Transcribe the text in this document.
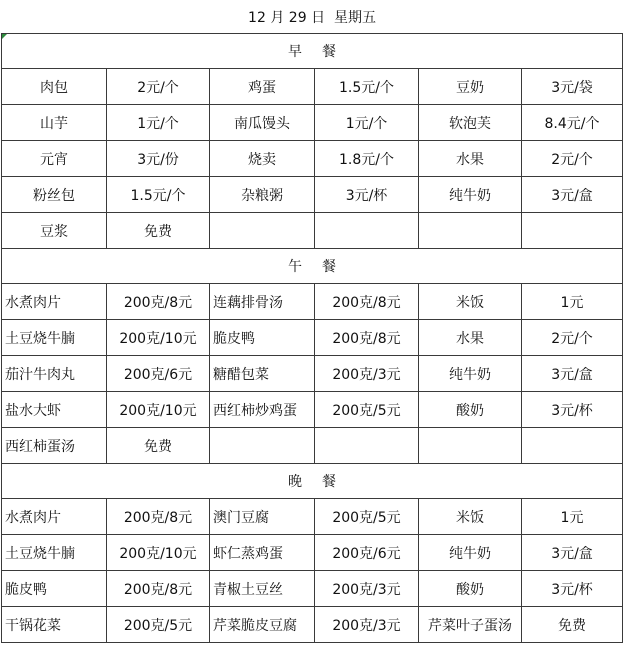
12 月 29 日 星期五					
早 餐					
肉包	2元/个	鸡蛋	1.5元/个	豆奶	3元/袋
山芋	1元/个	南瓜馒头	1元/个	软泡芙	8.4元/个
元宵	3元/份	烧卖	1.8元/个	水果	2元/个
粉丝包	1.5元/个	杂粮粥	3元/杯	纯牛奶	3元/盒
豆浆	免费				
午 餐					
水煮肉片	200克/8元	连藕排骨汤	200克/8元	米饭	1元
土豆烧牛腩	200克/10元	脆皮鸭	200克/8元	水果	2元/个
茄汁牛肉丸	200克/6元	糖醋包菜	200克/3元	纯牛奶	3元/盒
盐水大虾	200克/10元	西红柿炒鸡蛋	200克/5元	酸奶	3元/杯
西红柿蛋汤	免费				
晚 餐					
水煮肉片	200克/8元	澳门豆腐	200克/5元	米饭	1元
土豆烧牛腩	200克/10元	虾仁蒸鸡蛋	200克/6元	纯牛奶	3元/盒
脆皮鸭	200克/8元	青椒土豆丝	200克/3元	酸奶	3元/杯
干锅花菜	200克/5元	芹菜脆皮豆腐	200克/3元	芹菜叶子蛋汤	免费
